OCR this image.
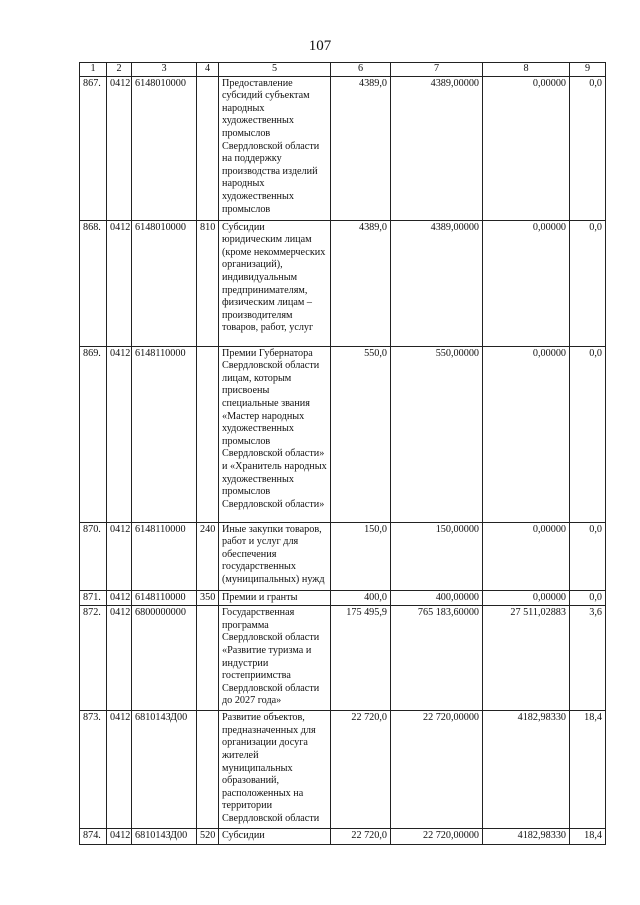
107
1	2	3	4	5	6	7	8	9
867.	0412	6148010000		Предоставление субсидий субъектам народных художественных промыслов Свердловской области на поддержку производства изделий народных художественных промыслов	4389,0	4389,00000	0,00000	0,0
868.	0412	6148010000	810	Субсидии юридическим лицам (кроме некоммерческих организаций), индивидуальным предпринимателям, физическим лицам – производителям товаров, работ, услуг	4389,0	4389,00000	0,00000	0,0
869.	0412	6148110000		Премии Губернатора Свердловской области лицам, которым присвоены специальные звания «Мастер народных художественных промыслов Свердловской области» и «Хранитель народных художественных промыслов Свердловской области»	550,0	550,00000	0,00000	0,0
870.	0412	6148110000	240	Иные закупки товаров, работ и услуг для обеспечения государственных (муниципальных) нужд	150,0	150,00000	0,00000	0,0
871.	0412	6148110000	350	Премии и гранты	400,0	400,00000	0,00000	0,0
872.	0412	6800000000		Государственная программа Свердловской области «Развитие туризма и индустрии гостеприимства Свердловской области до 2027 года»	175 495,9	765 183,60000	27 511,02883	3,6
873.	0412	681014ЗД00		Развитие объектов, предназначенных для организации досуга жителей муниципальных образований, расположенных на территории Свердловской области	22 720,0	22 720,00000	4182,98330	18,4
874.	0412	681014ЗД00	520	Субсидии	22 720,0	22 720,00000	4182,98330	18,4
